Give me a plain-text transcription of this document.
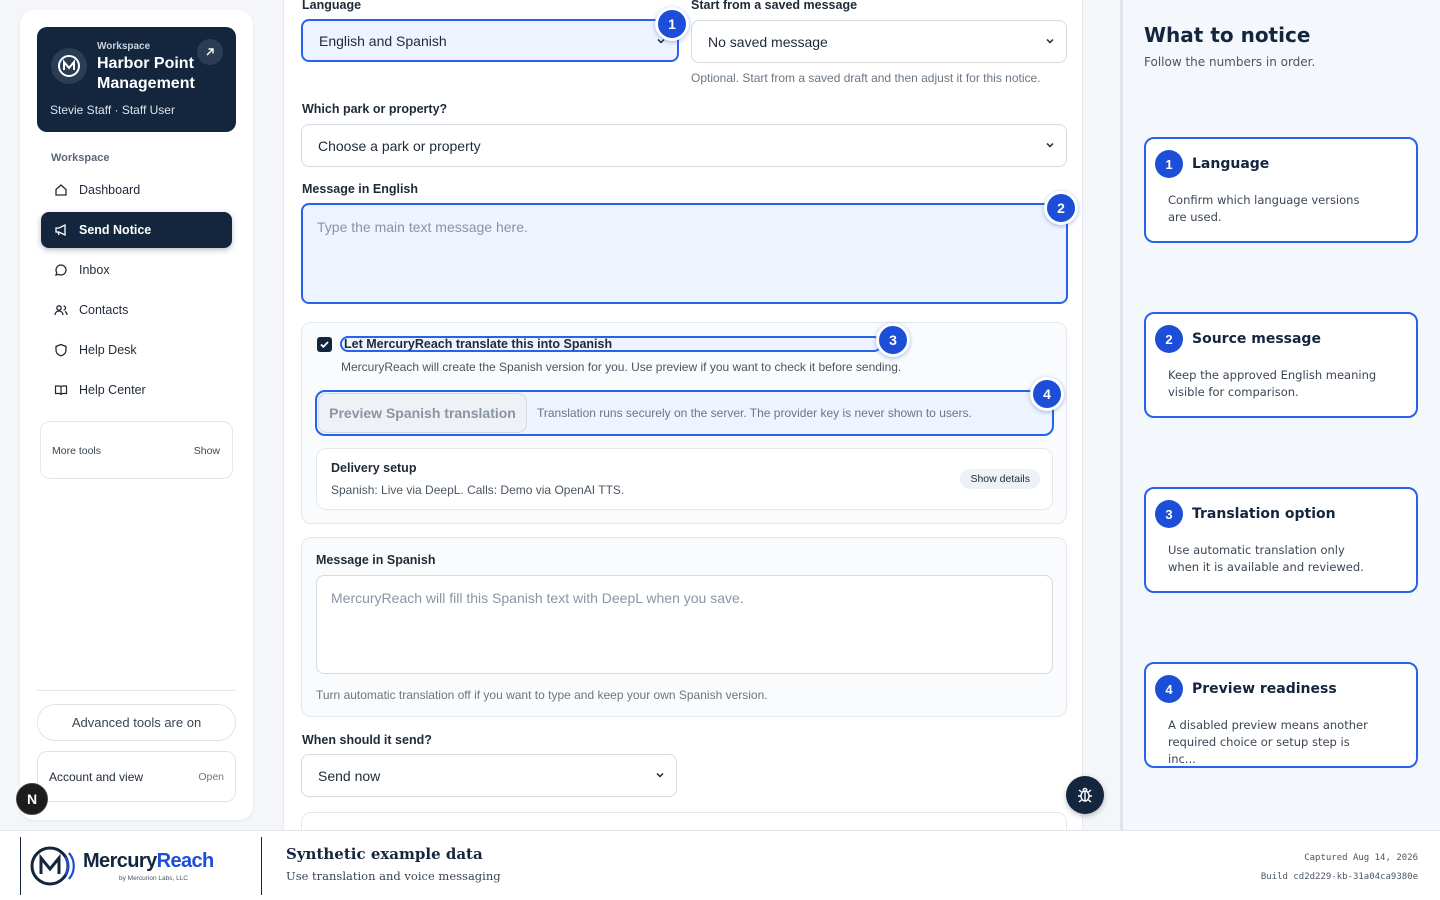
Workspace
Harbor Point Management
Stevie Staff · Staff User
Workspace
Dashboard
Send Notice
Inbox
Contacts
Help Desk
Help Center
More tools	Show
Advanced tools are on
Account and view	Open
N
Language
English and Spanish
Start from a saved message
No saved message
Optional. Start from a saved draft and then adjust it for this notice.
Which park or property?
Choose a park or property
Message in English
Type the main text message here.
Let MercuryReach translate this into Spanish
MercuryReach will create the Spanish version for you. Use preview if you want to check it before sending.
Preview Spanish translation	Translation runs securely on the server. The provider key is never shown to users.
Delivery setup
Spanish: Live via DeepL. Calls: Demo via OpenAI TTS.
Show details
Message in Spanish
MercuryReach will fill this Spanish text with DeepL when you save.
Turn automatic translation off if you want to type and keep your own Spanish version.
When should it send?
Send now
1
2
3
4
What to notice
Follow the numbers in order.
1	Language
Confirm which language versions are used.
2	Source message
Keep the approved English meaning visible for comparison.
3	Translation option
Use automatic translation only when it is available and reviewed.
4	Preview readiness
A disabled preview means another required choice or setup step is inc...
MercuryReach
by Mercurion Labs, LLC
Synthetic example data
Use translation and voice messaging
Captured Aug 14, 2026
Build cd2d229-kb-31a04ca9380e
